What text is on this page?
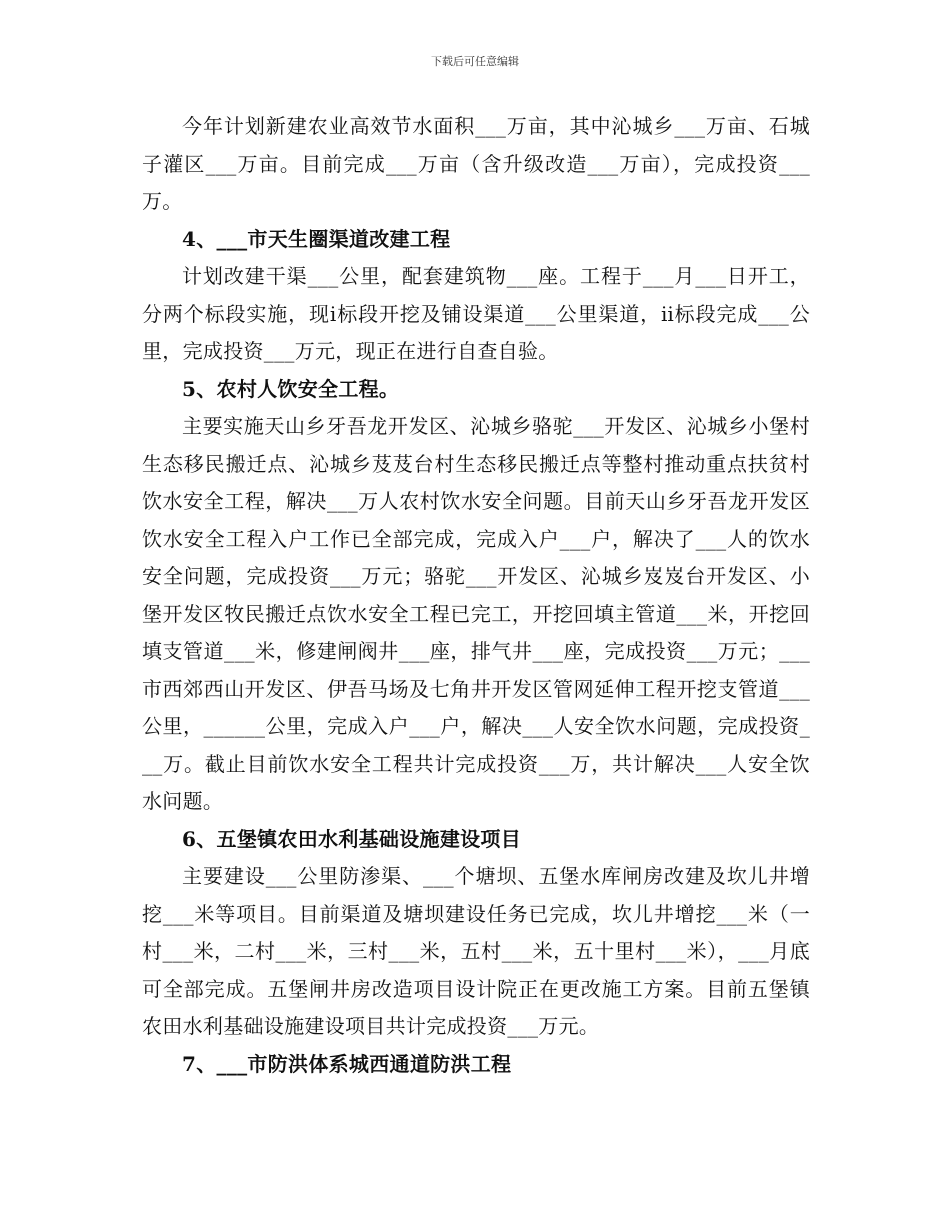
下载后可任意编辑

今年计划新建农业高效节水面积___万亩，其中沁城乡___万亩、石城子灌区___万亩。目前完成___万亩（含升级改造___万亩），完成投资___万。

4、___市天生圈渠道改建工程

计划改建干渠___公里，配套建筑物___座。工程于___月___日开工，分两个标段实施，现ⅰ标段开挖及铺设渠道___公里渠道，ⅱ标段完成___公里，完成投资___万元，现正在进行自查自验。

5、农村人饮安全工程。

主要实施天山乡牙吾龙开发区、沁城乡骆驼___开发区、沁城乡小堡村生态移民搬迁点、沁城乡芨芨台村生态移民搬迁点等整村推动重点扶贫村饮水安全工程，解决___万人农村饮水安全问题。目前天山乡牙吾龙开发区饮水安全工程入户工作已全部完成，完成入户___户，解决了___人的饮水安全问题，完成投资___万元；骆驼___开发区、沁城乡岌岌台开发区、小堡开发区牧民搬迁点饮水安全工程已完工，开挖回填主管道___米，开挖回填支管道___米，修建闸阀井___座，排气井___座，完成投资___万元；___市西郊西山开发区、伊吾马场及七角井开发区管网延伸工程开挖支管道___公里，______公里，完成入户___户，解决___人安全饮水问题，完成投资___万。截止目前饮水安全工程共计完成投资___万，共计解决___人安全饮水问题。

6、五堡镇农田水利基础设施建设项目

主要建设___公里防渗渠、___个塘坝、五堡水库闸房改建及坎儿井增挖___米等项目。目前渠道及塘坝建设任务已完成，坎儿井增挖___米（一村___米，二村___米，三村___米，五村___米，五十里村___米），___月底可全部完成。五堡闸井房改造项目设计院正在更改施工方案。目前五堡镇农田水利基础设施建设项目共计完成投资___万元。

7、___市防洪体系城西通道防洪工程
